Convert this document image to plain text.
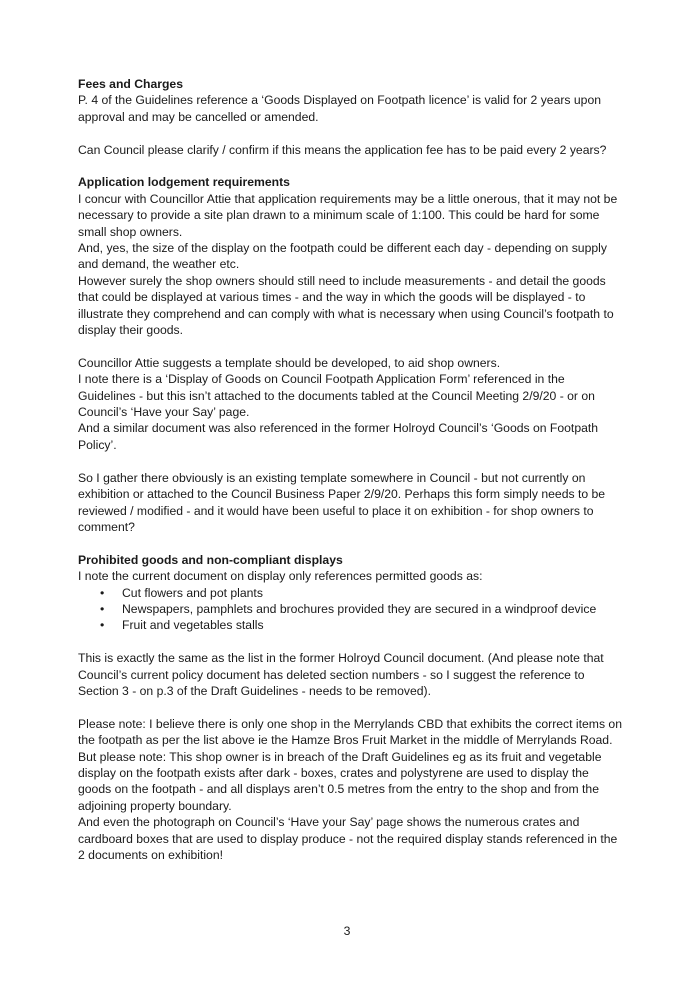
Fees and Charges

P. 4 of the Guidelines reference a ‘Goods Displayed on Footpath licence’ is valid for 2 years upon approval and may be cancelled or amended.

Can Council please clarify / confirm if this means the application fee has to be paid every 2 years?

Application lodgement requirements

I concur with Councillor Attie that application requirements may be a little onerous, that it may not be necessary to provide a site plan drawn to a minimum scale of 1:100. This could be hard for some small shop owners.

And, yes, the size of the display on the footpath could be different each day - depending on supply and demand, the weather etc.

However surely the shop owners should still need to include measurements - and detail the goods that could be displayed at various times - and the way in which the goods will be displayed - to illustrate they comprehend and can comply with what is necessary when using Council’s footpath to display their goods.

Councillor Attie suggests a template should be developed, to aid shop owners.

I note there is a ‘Display of Goods on Council Footpath Application Form’ referenced in the Guidelines - but this isn’t attached to the documents tabled at the Council Meeting 2/9/20 - or on Council’s ‘Have your Say’ page.

And a similar document was also referenced in the former Holroyd Council’s ‘Goods on Footpath Policy’.

So I gather there obviously is an existing template somewhere in Council - but not currently on exhibition or attached to the Council Business Paper 2/9/20. Perhaps this form simply needs to be reviewed / modified - and it would have been useful to place it on exhibition - for shop owners to comment?

Prohibited goods and non-compliant displays

I note the current document on display only references permitted goods as:

• Cut flowers and pot plants
• Newspapers, pamphlets and brochures provided they are secured in a windproof device
• Fruit and vegetables stalls

This is exactly the same as the list in the former Holroyd Council document. (And please note that Council’s current policy document has deleted section numbers - so I suggest the reference to Section 3 - on p.3 of the Draft Guidelines - needs to be removed).

Please note: I believe there is only one shop in the Merrylands CBD that exhibits the correct items on the footpath as per the list above ie the Hamze Bros Fruit Market in the middle of Merrylands Road.

But please note: This shop owner is in breach of the Draft Guidelines eg as its fruit and vegetable display on the footpath exists after dark - boxes, crates and polystyrene are used to display the goods on the footpath - and all displays aren’t 0.5 metres from the entry to the shop and from the adjoining property boundary.

And even the photograph on Council’s ‘Have your Say’ page shows the numerous crates and cardboard boxes that are used to display produce - not the required display stands referenced in the 2 documents on exhibition!

3
